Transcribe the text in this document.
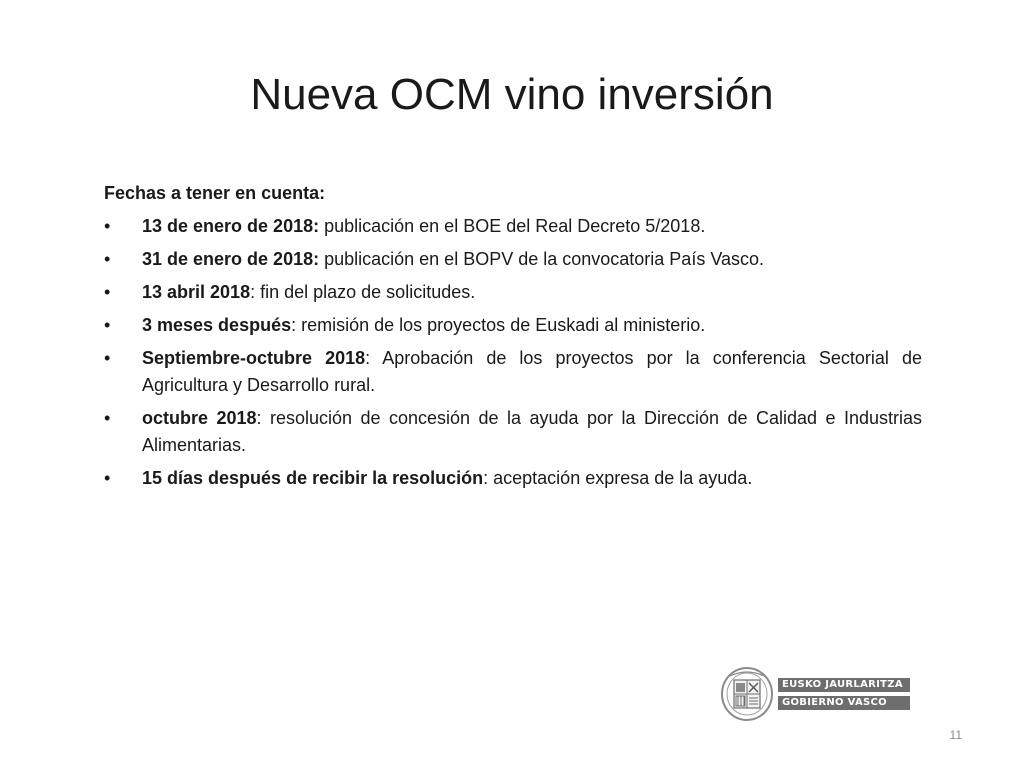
Nueva OCM vino inversión

Fechas a tener en cuenta:

•	13 de enero de 2018: publicación en el BOE del Real Decreto 5/2018.
•	31 de enero de 2018: publicación en el BOPV de la convocatoria País Vasco.
•	13 abril 2018: fin del plazo de solicitudes.
•	3 meses después: remisión de los proyectos de Euskadi al ministerio.
•	Septiembre-octubre 2018: Aprobación de los proyectos por la conferencia Sectorial de Agricultura y Desarrollo rural.
•	octubre 2018: resolución de concesión de la ayuda por la Dirección de Calidad e Industrias Alimentarias.
•	15 días después de recibir la resolución: aceptación expresa de la ayuda.
EUSKO JAURLARITZA
GOBIERNO VASCO
11
